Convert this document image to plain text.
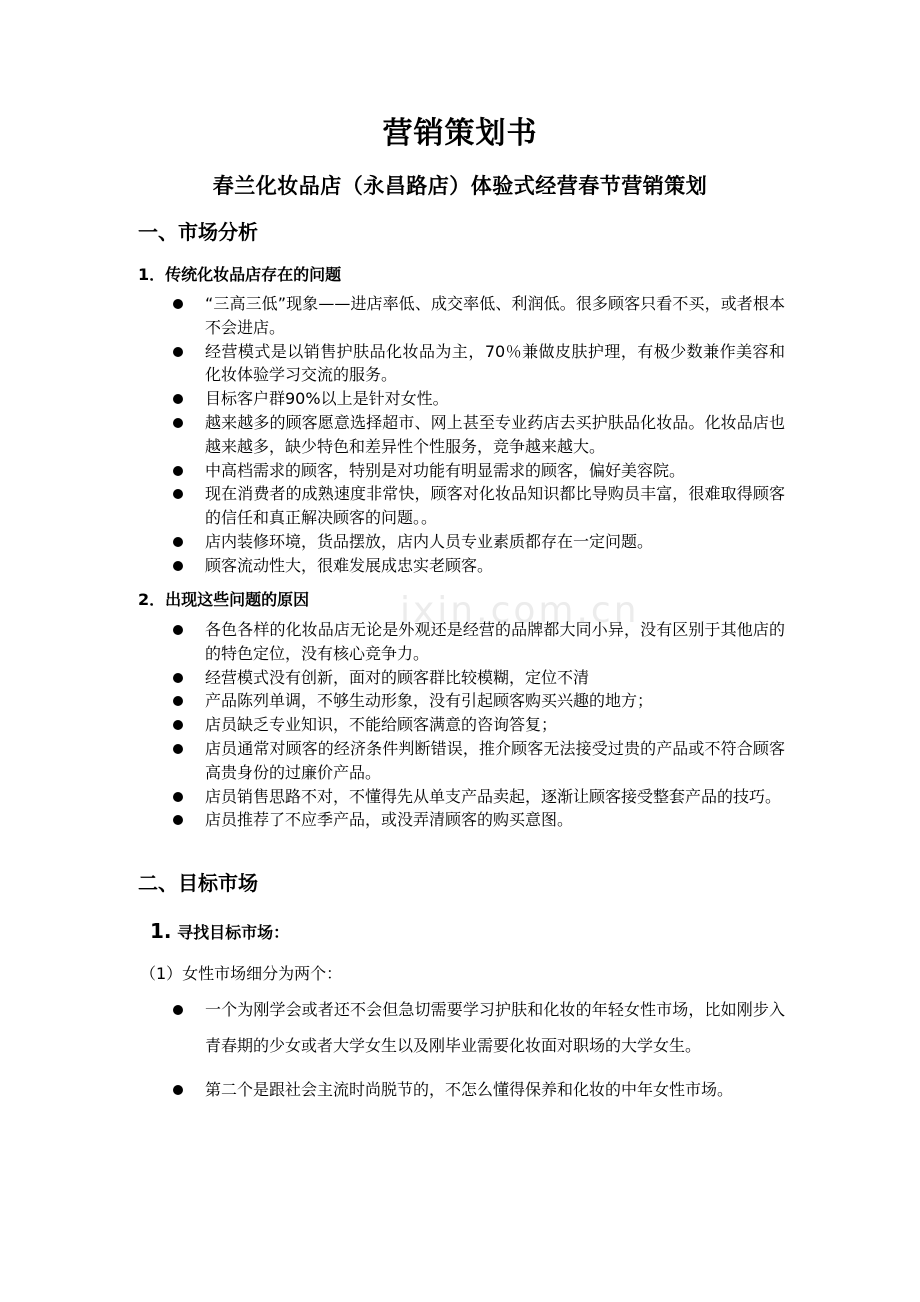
ixin.com.cn
营销策划书
春兰化妆品店（永昌路店）体验式经营春节营销策划
一、市场分析
1．传统化妆品店存在的问题
“三高三低”现象——进店率低、成交率低、利润低。很多顾客只看不买，或者根本不会进店。
经营模式是以销售护肤品化妆品为主，70％兼做皮肤护理，有极少数兼作美容和化妆体验学习交流的服务。
目标客户群90%以上是针对女性。
越来越多的顾客愿意选择超市、网上甚至专业药店去买护肤品化妆品。化妆品店也越来越多，缺少特色和差异性个性服务，竞争越来越大。
中高档需求的顾客，特别是对功能有明显需求的顾客，偏好美容院。
现在消费者的成熟速度非常快，顾客对化妆品知识都比导购员丰富，很难取得顾客的信任和真正解决顾客的问题。。
店内装修环境，货品摆放，店内人员专业素质都存在一定问题。
顾客流动性大，很难发展成忠实老顾客。
2．出现这些问题的原因
各色各样的化妆品店无论是外观还是经营的品牌都大同小异，没有区别于其他店的的特色定位，没有核心竞争力。
经营模式没有创新，面对的顾客群比较模糊，定位不清
产品陈列单调，不够生动形象，没有引起顾客购买兴趣的地方；
店员缺乏专业知识，不能给顾客满意的咨询答复；
店员通常对顾客的经济条件判断错误，推介顾客无法接受过贵的产品或不符合顾客高贵身份的过廉价产品。
店员销售思路不对，不懂得先从单支产品卖起，逐渐让顾客接受整套产品的技巧。
店员推荐了不应季产品，或没弄清顾客的购买意图。
二、目标市场
1. 寻找目标市场：
（1）女性市场细分为两个：
一个为刚学会或者还不会但急切需要学习护肤和化妆的年轻女性市场，比如刚步入青春期的少女或者大学女生以及刚毕业需要化妆面对职场的大学女生。
第二个是跟社会主流时尚脱节的，不怎么懂得保养和化妆的中年女性市场。
